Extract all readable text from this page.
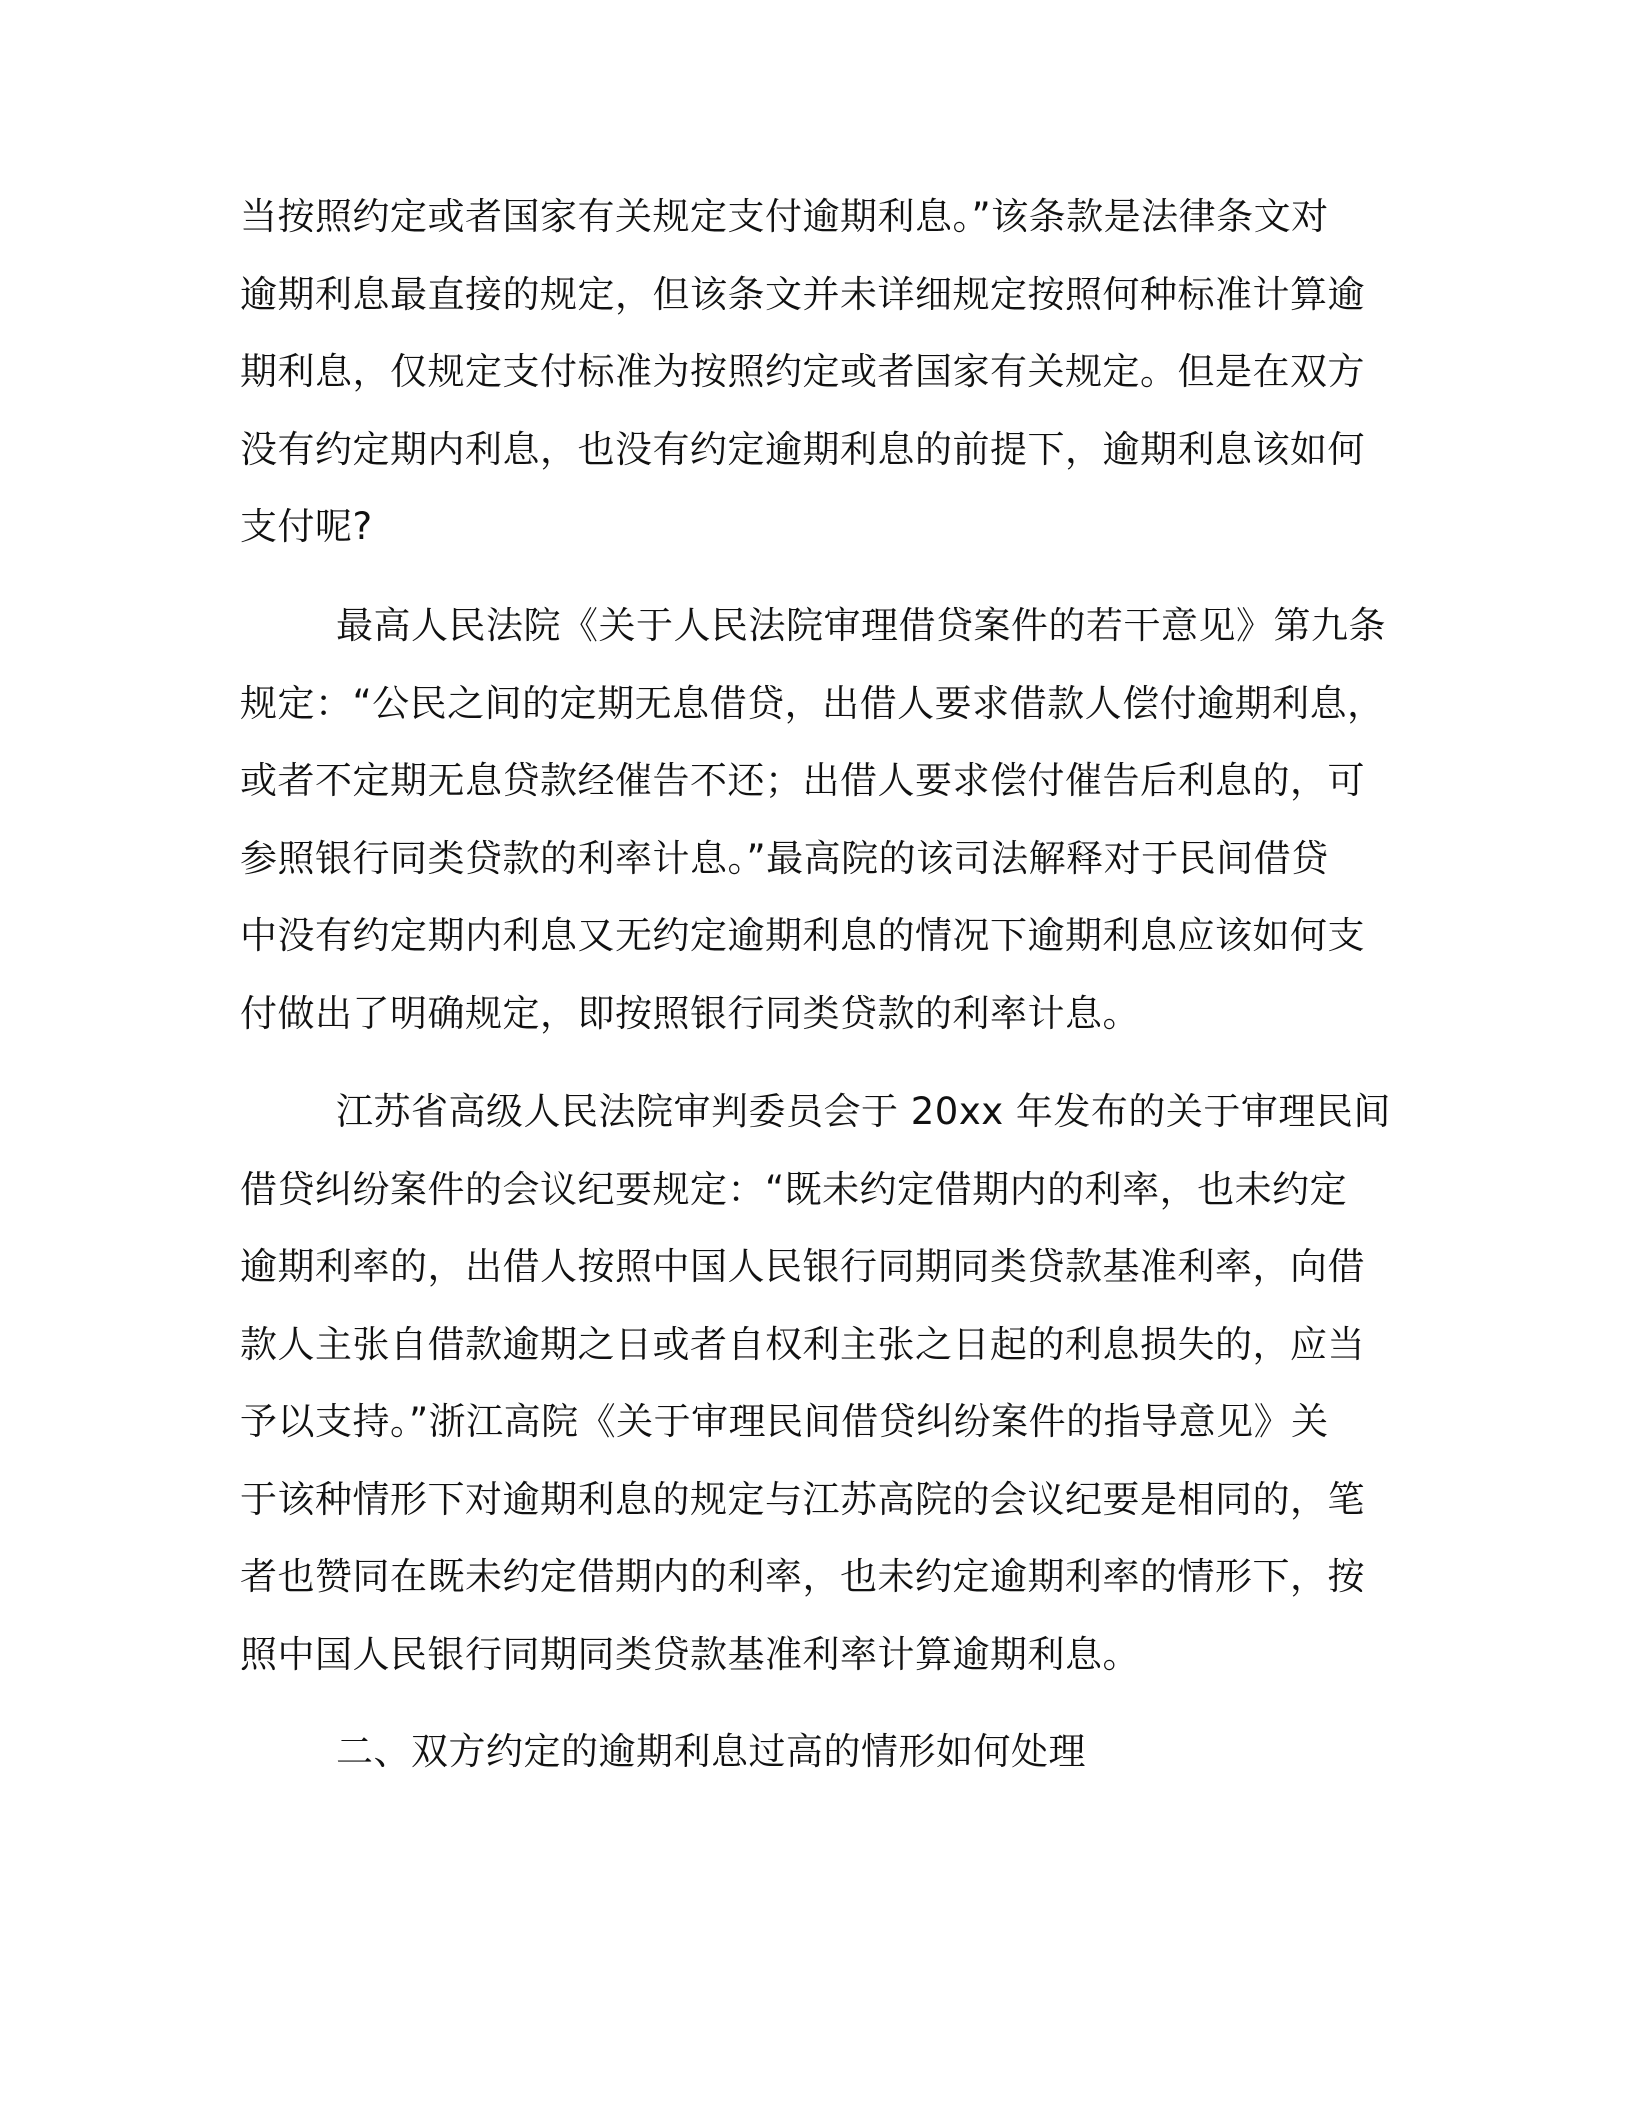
当按照约定或者国家有关规定支付逾期利息。”该条款是法律条文对
逾期利息最直接的规定，但该条文并未详细规定按照何种标准计算逾
期利息，仅规定支付标准为按照约定或者国家有关规定。但是在双方
没有约定期内利息，也没有约定逾期利息的前提下，逾期利息该如何
支付呢?
最高人民法院《关于人民法院审理借贷案件的若干意见》第九条
规定：“公民之间的定期无息借贷，出借人要求借款人偿付逾期利息，
或者不定期无息贷款经催告不还；出借人要求偿付催告后利息的，可
参照银行同类贷款的利率计息。”最高院的该司法解释对于民间借贷
中没有约定期内利息又无约定逾期利息的情况下逾期利息应该如何支
付做出了明确规定，即按照银行同类贷款的利率计息。
江苏省高级人民法院审判委员会于 20xx 年发布的关于审理民间
借贷纠纷案件的会议纪要规定：“既未约定借期内的利率，也未约定
逾期利率的，出借人按照中国人民银行同期同类贷款基准利率，向借
款人主张自借款逾期之日或者自权利主张之日起的利息损失的，应当
予以支持。”浙江高院《关于审理民间借贷纠纷案件的指导意见》关
于该种情形下对逾期利息的规定与江苏高院的会议纪要是相同的，笔
者也赞同在既未约定借期内的利率，也未约定逾期利率的情形下，按
照中国人民银行同期同类贷款基准利率计算逾期利息。
二、双方约定的逾期利息过高的情形如何处理
